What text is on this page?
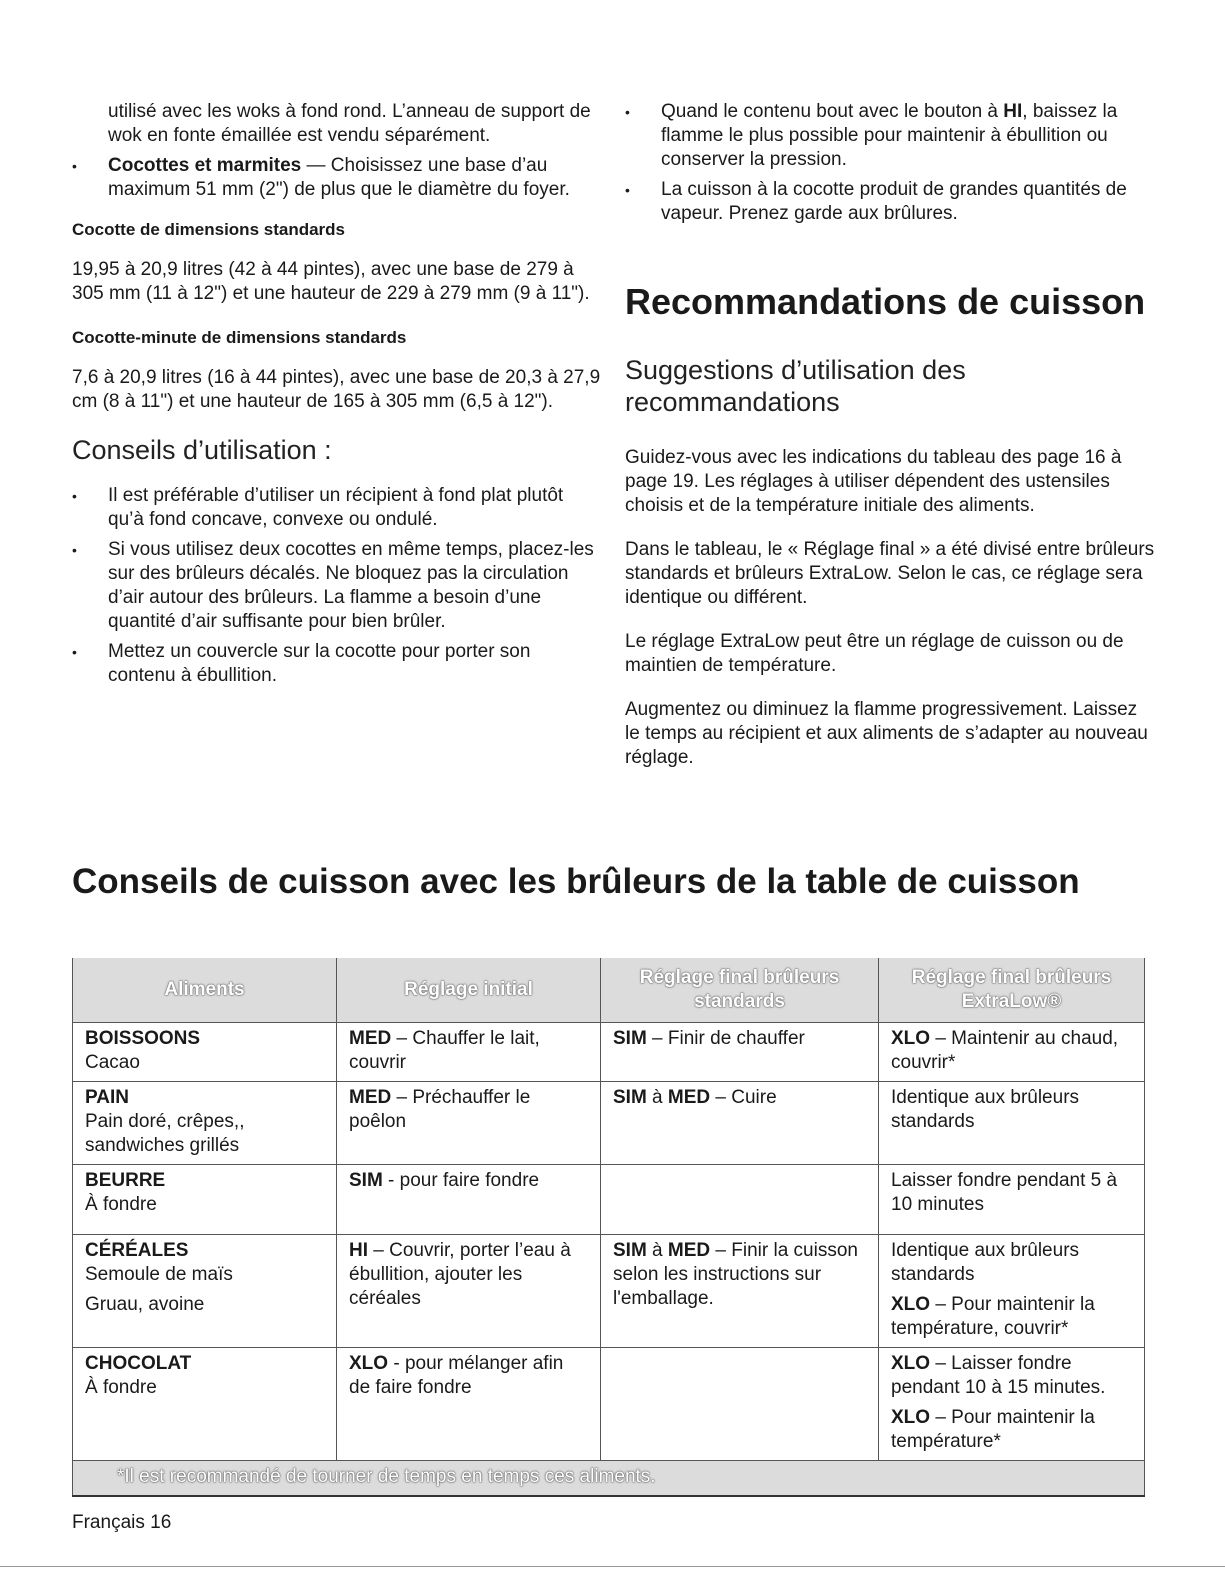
utilisé avec les woks à fond rond. L’anneau de support de wok en fonte émaillée est vendu séparément.
•	Cocottes et marmites — Choisissez une base d’au maximum 51 mm (2") de plus que le diamètre du foyer.
Cocotte de dimensions standards
19,95 à 20,9 litres (42 à 44 pintes), avec une base de 279 à 305 mm (11 à 12") et une hauteur de 229 à 279 mm (9 à 11").
Cocotte-minute de dimensions standards
7,6 à 20,9 litres (16 à 44 pintes), avec une base de 20,3 à 27,9 cm (8 à 11") et une hauteur de 165 à 305 mm (6,5 à 12").
Conseils d’utilisation :
•	Il est préférable d’utiliser un récipient à fond plat plutôt qu’à fond concave, convexe ou ondulé.
•	Si vous utilisez deux cocottes en même temps, placez-les sur des brûleurs décalés. Ne bloquez pas la circulation d’air autour des brûleurs. La flamme a besoin d’une quantité d’air suffisante pour bien brûler.
•	Mettez un couvercle sur la cocotte pour porter son contenu à ébullition.
•	Quand le contenu bout avec le bouton à HI, baissez la flamme le plus possible pour maintenir à ébullition ou conserver la pression.
•	La cuisson à la cocotte produit de grandes quantités de vapeur. Prenez garde aux brûlures.
Recommandations de cuisson
Suggestions d’utilisation des recommandations
Guidez-vous avec les indications du tableau des page 16 à page 19. Les réglages à utiliser dépendent des ustensiles choisis et de la température initiale des aliments.
Dans le tableau, le « Réglage final » a été divisé entre brûleurs standards et brûleurs ExtraLow. Selon le cas, ce réglage sera identique ou différent.
Le réglage ExtraLow peut être un réglage de cuisson ou de maintien de température.
Augmentez ou diminuez la flamme progressivement. Laissez le temps au récipient et aux aliments de s’adapter au nouveau réglage.
Conseils de cuisson avec les brûleurs de la table de cuisson
Aliments	Réglage initial	Réglage final brûleurs standards	Réglage final brûleurs ExtraLow®

BOISSOONS
Cacao	MED – Chauffer le lait, couvrir	SIM – Finir de chauffer	XLO – Maintenir au chaud, couvrir*

PAIN
Pain doré, crêpes,, sandwiches grillés	MED – Préchauffer le poêlon	SIM à MED – Cuire	Identique aux brûleurs standards

BEURRE
À fondre	SIM - pour faire fondre		Laisser fondre pendant 5 à 10 minutes

CÉRÉALES
Semoule de maïs
Gruau, avoine	HI – Couvrir, porter l’eau à ébullition, ajouter les céréales	SIM à MED – Finir la cuisson selon les instructions sur l'emballage.	Identique aux brûleurs standards
XLO – Pour maintenir la température, couvrir*

CHOCOLAT
À fondre	XLO - pour mélanger afin de faire fondre		XLO – Laisser fondre pendant 10 à 15 minutes.
XLO – Pour maintenir la température*

*Il est recommandé de tourner de temps en temps ces aliments.			
Français 16
